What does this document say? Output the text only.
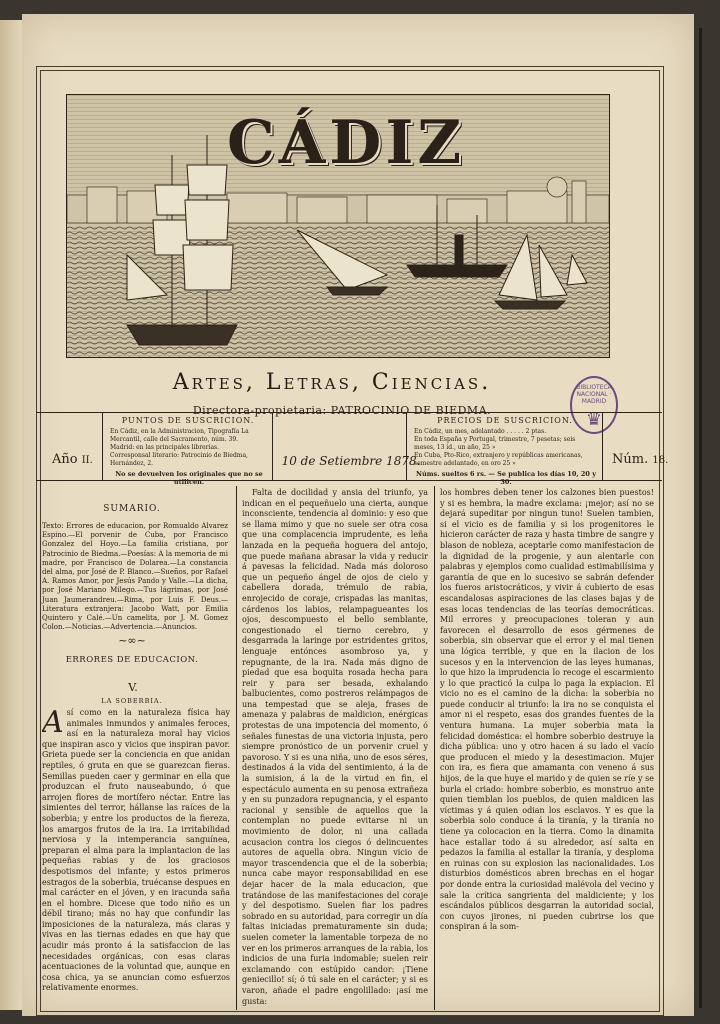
CÁDIZ
Artes, Letras, Ciencias.
Directora-propietaria: PATROCINIO DE BIEDMA.
BIBLIOTECA NACIONAL · MADRID
♛
Año II.
PUNTOS DE SUSCRICION.
En Cádiz, en la Administracion, Tipografía La Mercantil, calle del Sacramento, núm. 39.
Madrid: en las principales librerías.
Corresponsal literario: Patrocinio de Biedma, Hernández, 2.
No se devuelven los originales que no se utilicen.
10 de Setiembre 1878.
PRECIOS DE SUSCRICION.
En Cádiz, un mes, adelantado . . . . . 2 ptas.
En toda España y Portugal, trimestre, 7 pesetas; seis meses, 13 íd., un año, 25 »
En Cuba, Pto-Rico, extranjero y repúblicas americanas, semestre adelantado, en oro 25 »
Núms. sueltos 6 rs. — Se publica los días 10, 20 y 30.
Núm. 18.
SUMARIO.
Texto: Errores de educacion, por Romualdo Alvarez Espino.—El porvenir de Cuba, por Francisco Gonzalez del Hoyo.—La familia cristiana, por Patrocinio de Biedma.—Poesías: A la memoria de mi madre, por Francisco de Dolarea.—La constancia del alma, por José de P. Blanco.—Sueños, por Rafael A. Ramos Amor, por Jesús Pando y Valle.—La dicha, por José Mariano Milego.—Tus lágrimas, por José Juan Jaumerandreu.—Rima, por Luis F. Deus.—Literatura extranjera: Jacobo Watt, por Emilia Quintero y Calé.—Un camelita, por J. M. Gomez Colon.—Noticias.—Advertencia.—Anuncios.
~∞~
ERRORES DE EDUCACION.
V.
LA SOBERBIA.
Así como en la naturaleza física hay animales inmundos y animales feroces, así en la naturaleza moral hay vicios que inspiran asco y vicios que inspiran pavor. Grieta puede ser la conciencia en que anidan reptiles, ó gruta en que se guarezcan fieras. Semillas pueden caer y germinar en ella que produzcan el fruto nauseabundo, ó que arrojen flores de mortífero néctar. Entre las simientes del terror, hállanse las raíces de la soberbia; y entre los productos de la fiereza, los amargos frutos de la ira. La irritabilidad nerviosa y la intemperancia sanguínea, preparan el alma para la implantacion de las pequeñas rabias y de los graciosos despotismos del infante; y estos primeros estragos de la soberbia, truécanse despues en mal carácter en el jóven, y en iracunda saña en el hombre. Dicese que todo niño es un débil tirano; más no hay que confundir las imposiciones de la naturaleza, más claras y vivas en las tiernas edades en que hay que acudir más pronto á la satisfaccion de las necesidades orgánicas, con esas claras acentuaciones de la voluntad que, aunque en cosa chica, ya se anuncian como esfuerzos relativamente enormes.

Falta de docilidad y ansia del triunfo, ya indican en el pequeñuelo una cierta, aunque inconsciente, tendencia al dominio: y eso que se llama mimo y que no suele ser otra cosa que una complacencia imprudente, es leña lanzada en la pequeña hoguera del antojo, que puede mañana abrasar la vida y reducir á pavesas la felicidad. Nada más doloroso que un pequeño ángel de ojos de cielo y cabellera dorada, trémulo de rabia, enrojecido de coraje, crispadas las manitas, cárdenos los labios, relampagueantes los ojos, descompuesto el bello semblante, congestionado el tierno cerebro, y desgarrada la laringe por estridentes gritos, lenguaje entónces asombroso ya, y repugnante, de la ira. Nada más digno de piedad que esa boquita rosada hecha para reir y para ser besada, exhalando balbucientes, como postreros relámpagos de una tempestad que se aleja, frases de amenaza y palabras de maldicion, enérgicas protestas de una impotencia del momento, ó señales funestas de una victoria injusta, pero siempre pronóstico de un porvenir cruel y pavoroso. Y si es una niña, uno de esos séres, destinados á la vida del sentimiento, á la de la sumision, á la de la virtud en fin, el espectáculo aumenta en su penosa extrañeza y en su punzadora repugnancia, y el espanto racional y sensible de aquellos que la contemplan no puede evitarse ni un movimiento de dolor, ni una callada acusacion contra los ciegos ó delincuentes autores de aquella obra. Ningun vicio de mayor trascendencia que el de la soberbia; nunca cabe mayor responsabilidad en ese dejar hacer de la mala educacion, que tratándose de las manifestaciones del coraje y del despotismo. Suelen fiar los padres sobrado en su autoridad, para corregir un día faltas iniciadas prematuramente sin duda; suelen cometer la lamentable torpeza de no ver en los primeros arranques de la rabia, los indicios de una furia indomable; suelen reir exclamando con estúpido candor: ¡Tiene geniecillo! sí; ó tú sale en el carácter; y si es varon, añade el padre engolillado: ¡así me gusta:

los hombres deben tener los calzones bien puestos! y si es hembra, la madre exclama: ¡mejor; así no se dejará supeditar por ningun tuno! Suelen tambien, si el vicio es de familia y si los progenitores le hicieron carácter de raza y hasta timbre de sangre y blason de nobleza, aceptarle como manifestacion de la dignidad de la progenie, y aun alentarle con palabras y ejemplos como cualidad estimabilísima y garantía de que en lo sucesivo se sabrán defender los fueros aristocráticos, y vivir á cubierto de esas escandalosas aspiraciones de las clases bajas y de esas locas tendencias de las teorías democráticas. Mil errores y preocupaciones toleran y aun favorecen el desarrollo de esos gérmenes de soberbia, sin observar que el error y el mal tienen una lógica terrible, y que en la ilacion de los sucesos y en la intervencion de las leyes humanas, lo que hizo la imprudencia lo recoge el escarmiento y lo que practicó la culpa lo paga la expiacion. El vicio no es el camino de la dicha: la soberbia no puede conducir al triunfo: la ira no se conquista el amor ni el respeto, esas dos grandes fuentes de la ventura humana. La mujer soberbia mata la felicidad doméstica: el hombre soberbio destruye la dicha pública: uno y otro hacen á su lado el vacío que producen el miedo y la desestimacion. Mujer con ira, es fiera que amamanta con veneno á sus hijos, de la que huye el marido y de quien se ríe y se burla el criado: hombre soberbio, es monstruo ante quien tiemblan los pueblos, de quien maldicen las víctimas y á quien odian los esclavos. Y es que la soberbia solo conduce á la tiranía, y la tiranía no tiene ya colocacion en la tierra. Como la dinamita hace estallar todo á su alrededor, así salta en pedazos la familia al estallar la tiranía, y desploma en ruinas con su explosion las nacionalidades. Los disturbios domésticos abren brechas en el hogar por donde entra la curiosidad malévola del vecino y sale la crítica sangrienta del maldiciente; y los escándalos públicos desgarran la autoridad social, con cuyos jirones, ni pueden cubrirse los que conspiran á la som-
